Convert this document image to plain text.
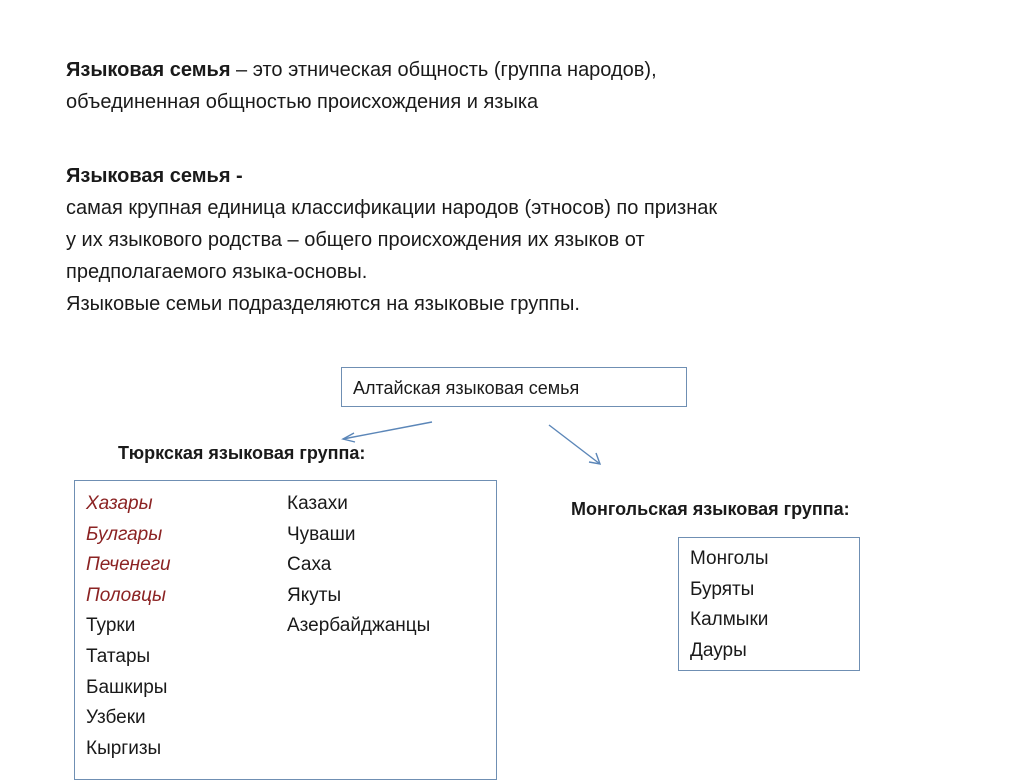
Языковая семья – это этническая общность (группа народов),
объединенная общностью происхождения и языка
Языковая семья -
самая крупная единица классификации народов (этносов) по признак
у их языкового родства – общего происхождения их языков от
предполагаемого языка-основы.
Языковые семьи подразделяются на языковые группы.
Алтайская языковая семья
Тюркская языковая группа:
Хазары
Булгары
Печенеги
Половцы
Турки
Татары
Башкиры
Узбеки
Кыргизы
Казахи
Чуваши
Саха
Якуты
Азербайджанцы
Монгольская языковая группа:
Монголы
Буряты
Калмыки
Дауры
